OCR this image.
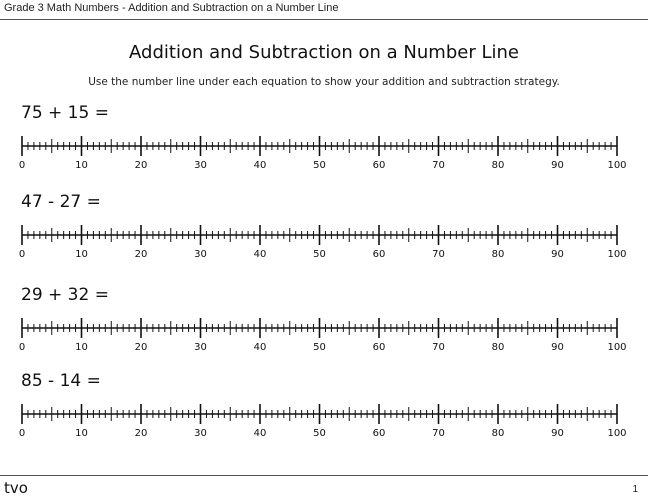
Grade 3 Math Numbers - Addition and Subtraction on a Number Line
Addition and Subtraction on a Number Line
Use the number line under each equation to show your addition and subtraction strategy.
75 + 15 =
0	10	20	30	40	50	60	70	80	90	100
47 - 27 =
0	10	20	30	40	50	60	70	80	90	100
29 + 32 =
0	10	20	30	40	50	60	70	80	90	100
85 - 14 =
0	10	20	30	40	50	60	70	80	90	100
tvo	1
